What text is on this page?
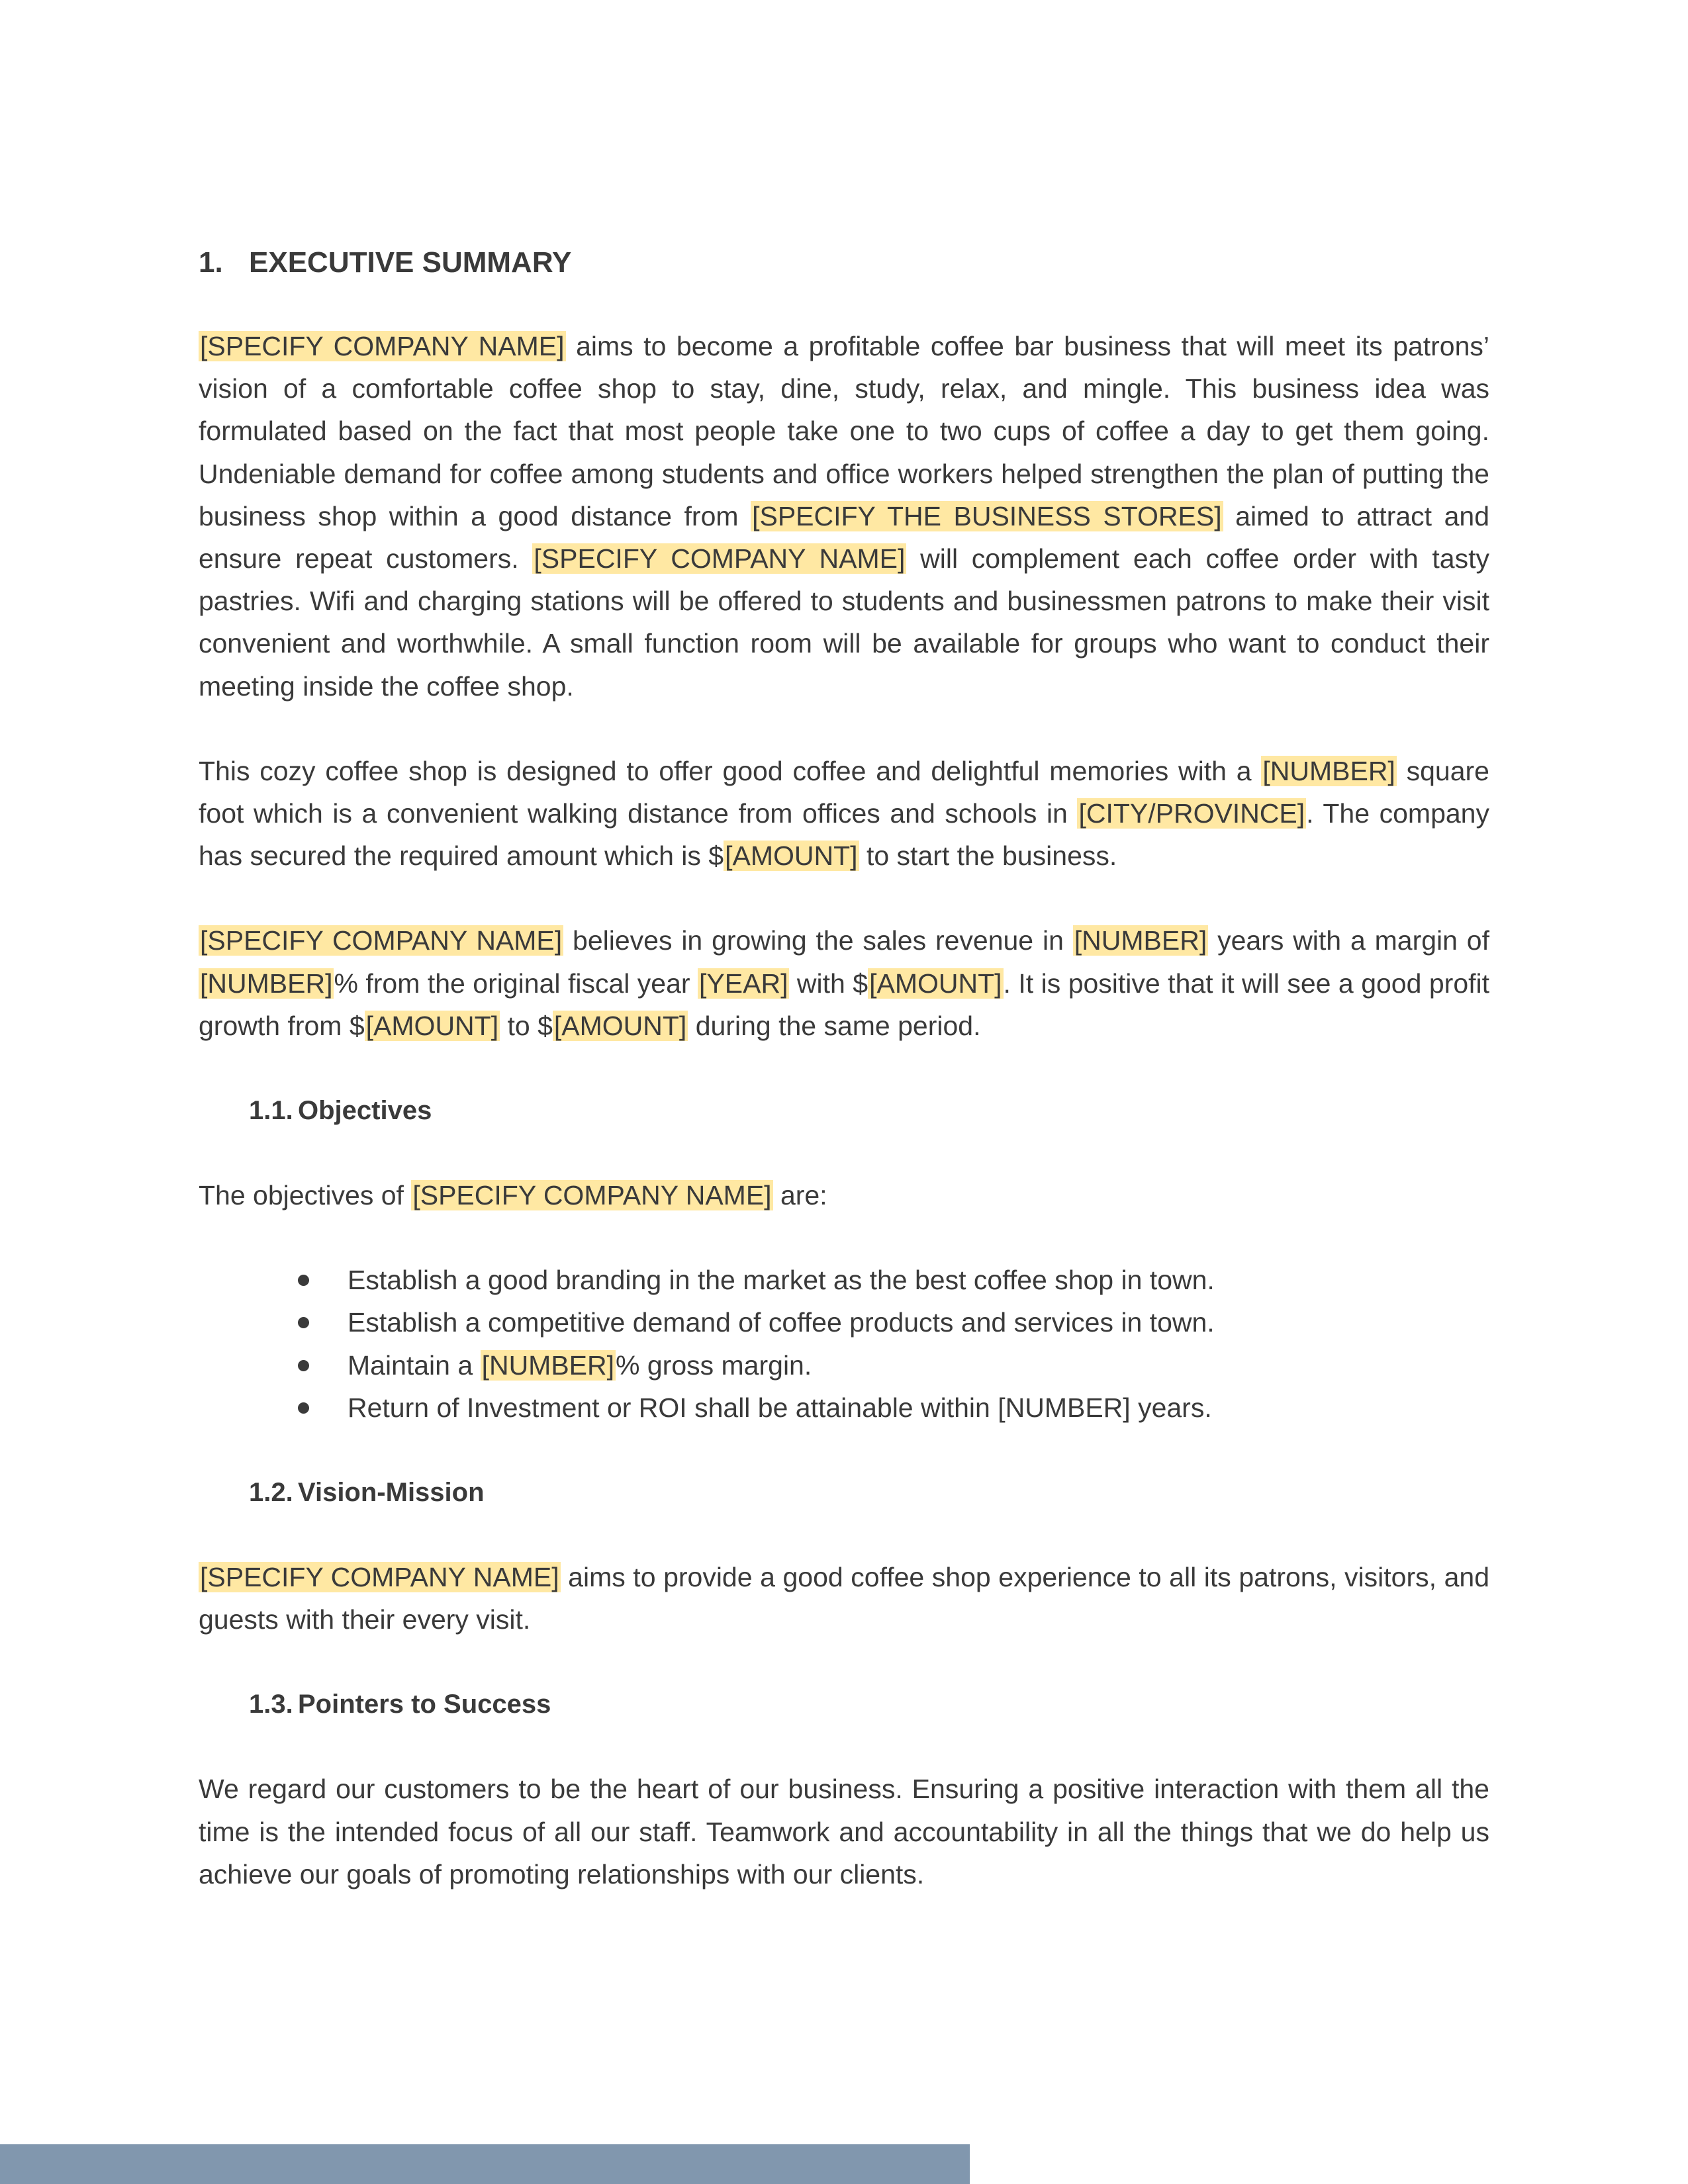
1. EXECUTIVE SUMMARY

[SPECIFY COMPANY NAME] aims to become a profitable coffee bar business that will meet its patrons’ vision of a comfortable coffee shop to stay, dine, study, relax, and mingle. This business idea was formulated based on the fact that most people take one to two cups of coffee a day to get them going. Undeniable demand for coffee among students and office workers helped strengthen the plan of putting the business shop within a good distance from [SPECIFY THE BUSINESS STORES] aimed to attract and ensure repeat customers. [SPECIFY COMPANY NAME] will complement each coffee order with tasty pastries. Wifi and charging stations will be offered to students and businessmen patrons to make their visit convenient and worthwhile. A small function room will be available for groups who want to conduct their meeting inside the coffee shop.

This cozy coffee shop is designed to offer good coffee and delightful memories with a [NUMBER] square foot which is a convenient walking distance from offices and schools in [CITY/PROVINCE]. The company has secured the required amount which is $[AMOUNT] to start the business.

[SPECIFY COMPANY NAME] believes in growing the sales revenue in [NUMBER] years with a margin of [NUMBER]% from the original fiscal year [YEAR] with $[AMOUNT]. It is positive that it will see a good profit growth from $[AMOUNT] to $[AMOUNT] during the same period.

1.1. Objectives

The objectives of [SPECIFY COMPANY NAME] are:

Establish a good branding in the market as the best coffee shop in town.
Establish a competitive demand of coffee products and services in town.
Maintain a [NUMBER]% gross margin.
Return of Investment or ROI shall be attainable within [NUMBER] years.
1.2. Vision-Mission

[SPECIFY COMPANY NAME] aims to provide a good coffee shop experience to all its patrons, visitors, and guests with their every visit.

1.3. Pointers to Success

We regard our customers to be the heart of our business. Ensuring a positive interaction with them all the time is the intended focus of all our staff. Teamwork and accountability in all the things that we do help us achieve our goals of promoting relationships with our clients.
